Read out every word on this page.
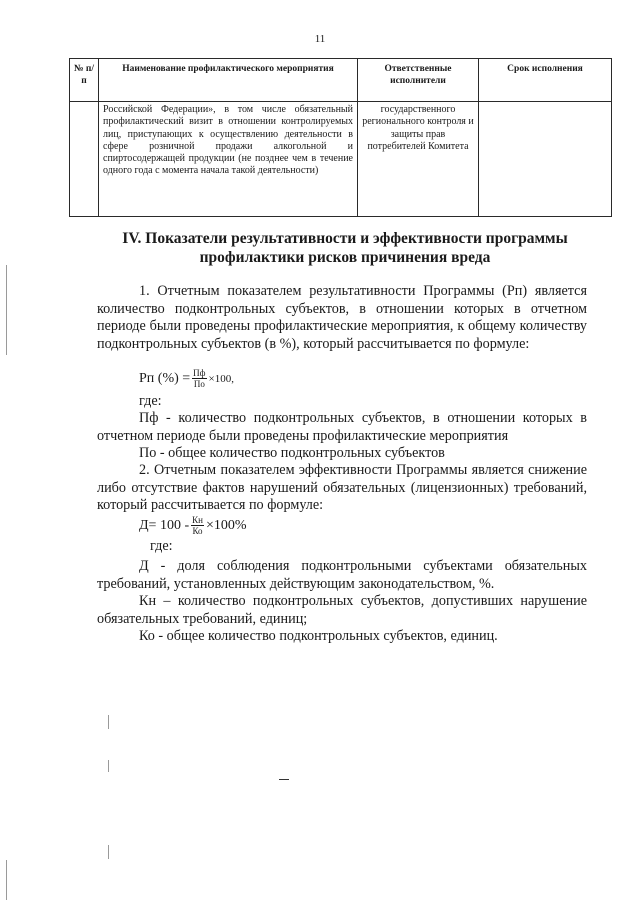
11
№ п/п	Наименование профилактического мероприятия	Ответственные исполнители	Срок исполнения
	Российской Федерации», в том числе обязательный профилактический визит в отношении контролируемых лиц, приступающих к осуществлению деятельности в сфере розничной продажи алкогольной и спиртосодержащей продукции (не позднее чем в течение одного года с момента начала такой деятельности)	государственного регионального контроля и защиты прав потребителей Комитета	
IV. Показатели результативности и эффективности программы профилактики рисков причинения вреда

1. Отчетным показателем результативности Программы (Рп) является количество подконтрольных субъектов, в отношении которых в отчетном периоде были проведены профилактические мероприятия, к общему количеству подконтрольных субъектов (в %), который рассчитывается по формуле:

Рп (%) = $\frac{Пф}{По} \times 100$,

где:

Пф - количество подконтрольных субъектов, в отношении которых в отчетном периоде были проведены профилактические мероприятия

По - общее количество подконтрольных субъектов

2. Отчетным показателем эффективности Программы является снижение либо отсутствие фактов нарушений обязательных (лицензионных) требований, который рассчитывается по формуле:

$Д= 100 - \frac{Кн}{Ко} \times 100\%$

где:

Д - доля соблюдения подконтрольными субъектами обязательных требований, установленных действующим законодательством, %.

Кн – количество подконтрольных субъектов, допустивших нарушение обязательных требований, единиц;

Ко - общее количество подконтрольных субъектов, единиц.
